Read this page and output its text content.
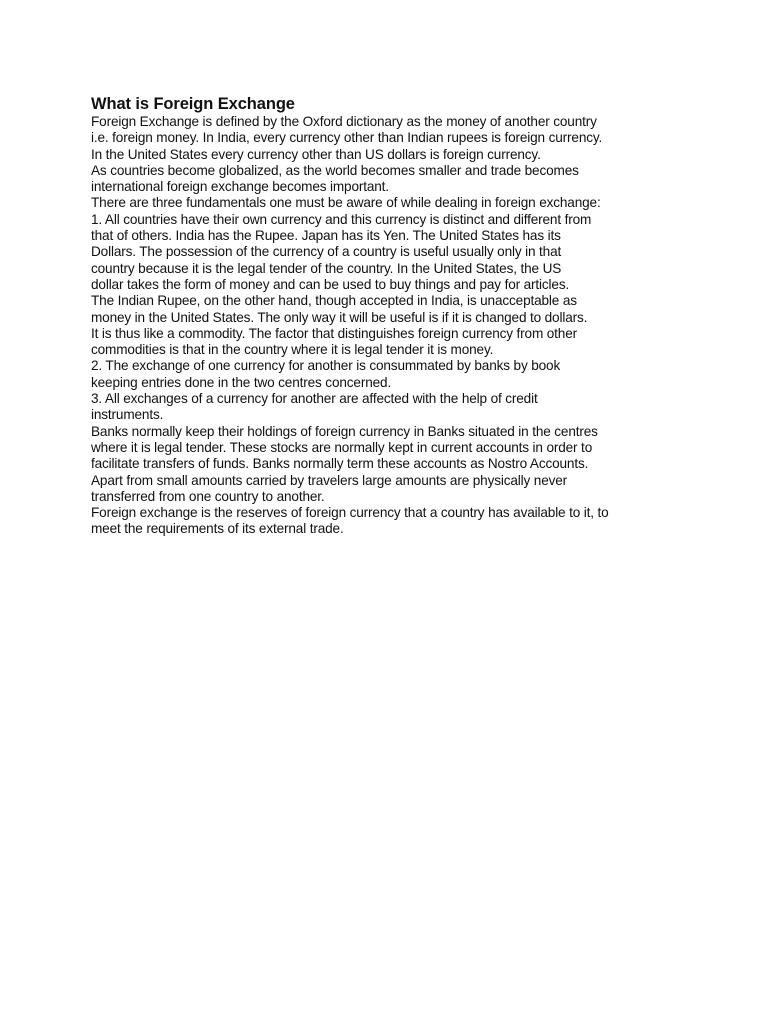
What is Foreign Exchange
Foreign Exchange is defined by the Oxford dictionary as the money of another country
i.e. foreign money. In India, every currency other than Indian rupees is foreign currency.
In the United States every currency other than US dollars is foreign currency.
As countries become globalized, as the world becomes smaller and trade becomes
international foreign exchange becomes important.
There are three fundamentals one must be aware of while dealing in foreign exchange:
1. All countries have their own currency and this currency is distinct and different from
that of others. India has the Rupee. Japan has its Yen. The United States has its
Dollars. The possession of the currency of a country is useful usually only in that
country because it is the legal tender of the country. In the United States, the US
dollar takes the form of money and can be used to buy things and pay for articles.
The Indian Rupee, on the other hand, though accepted in India, is unacceptable as
money in the United States. The only way it will be useful is if it is changed to dollars.
It is thus like a commodity. The factor that distinguishes foreign currency from other
commodities is that in the country where it is legal tender it is money.
2. The exchange of one currency for another is consummated by banks by book
keeping entries done in the two centres concerned.
3. All exchanges of a currency for another are affected with the help of credit
instruments.
Banks normally keep their holdings of foreign currency in Banks situated in the centres
where it is legal tender. These stocks are normally kept in current accounts in order to
facilitate transfers of funds. Banks normally term these accounts as Nostro Accounts.
Apart from small amounts carried by travelers large amounts are physically never
transferred from one country to another.
Foreign exchange is the reserves of foreign currency that a country has available to it, to
meet the requirements of its external trade.
